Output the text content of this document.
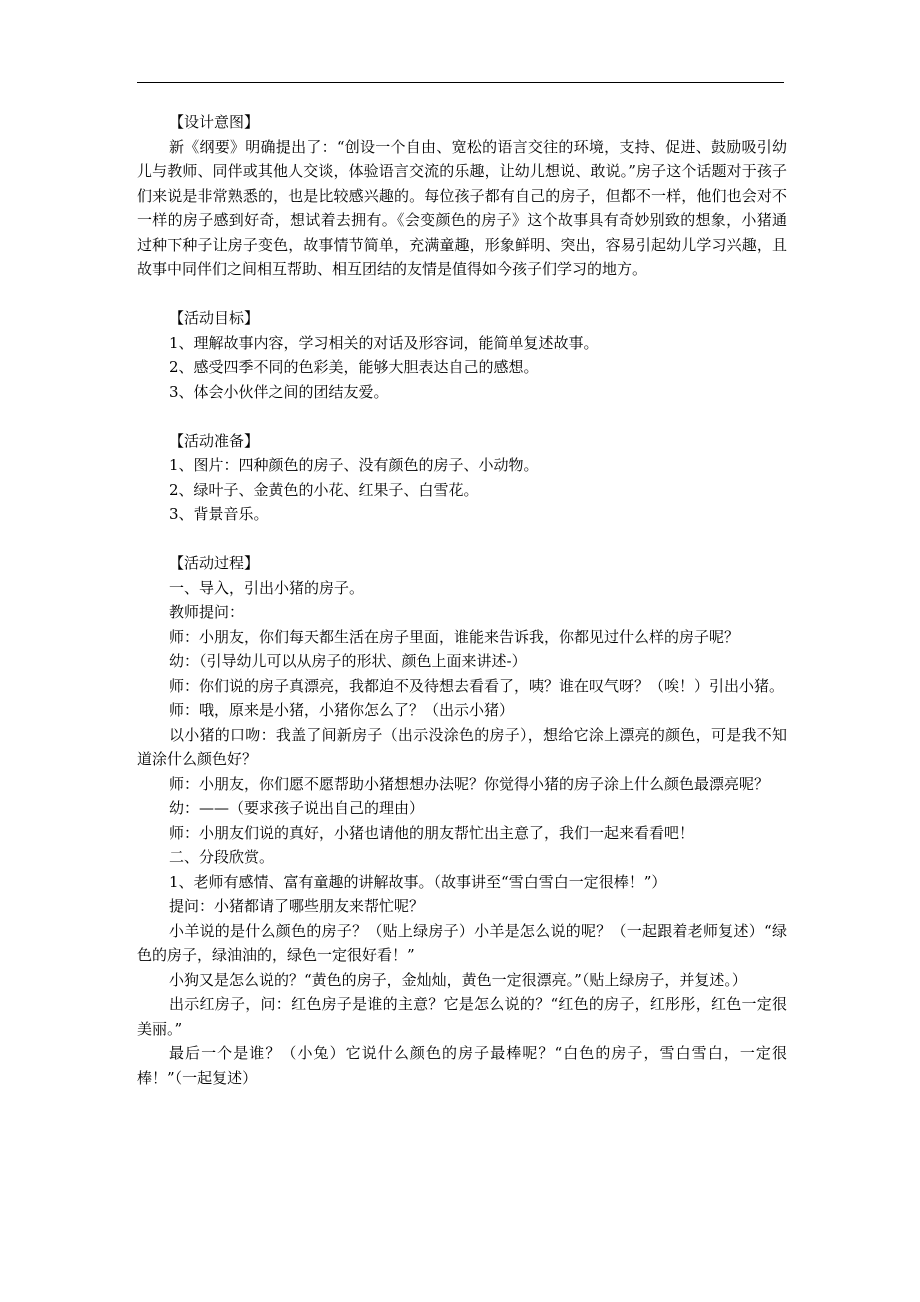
【设计意图】

新《纲要》明确提出了：“创设一个自由、宽松的语言交往的环境，支持、促进、鼓励吸引幼儿与教师、同伴或其他人交谈，体验语言交流的乐趣，让幼儿想说、敢说。”房子这个话题对于孩子们来说是非常熟悉的，也是比较感兴趣的。每位孩子都有自己的房子，但都不一样，他们也会对不一样的房子感到好奇，想试着去拥有。《会变颜色的房子》这个故事具有奇妙别致的想象，小猪通过种下种子让房子变色，故事情节简单，充满童趣，形象鲜明、突出，容易引起幼儿学习兴趣，且故事中同伴们之间相互帮助、相互团结的友情是值得如今孩子们学习的地方。

【活动目标】

1、理解故事内容，学习相关的对话及形容词，能简单复述故事。

2、感受四季不同的色彩美，能够大胆表达自己的感想。

3、体会小伙伴之间的团结友爱。

【活动准备】

1、图片：四种颜色的房子、没有颜色的房子、小动物。

2、绿叶子、金黄色的小花、红果子、白雪花。

3、背景音乐。

【活动过程】

一、导入，引出小猪的房子。

教师提问：

师：小朋友，你们每天都生活在房子里面，谁能来告诉我，你都见过什么样的房子呢？

幼：（引导幼儿可以从房子的形状、颜色上面来讲述-）

师：你们说的房子真漂亮，我都迫不及待想去看看了，咦？谁在叹气呀？（唉！）引出小猪。

师：哦，原来是小猪，小猪你怎么了？（出示小猪）

以小猪的口吻：我盖了间新房子（出示没涂色的房子），想给它涂上漂亮的颜色，可是我不知道涂什么颜色好？

师：小朋友，你们愿不愿帮助小猪想想办法呢？你觉得小猪的房子涂上什么颜色最漂亮呢？

幼：——（要求孩子说出自己的理由）

师：小朋友们说的真好，小猪也请他的朋友帮忙出主意了，我们一起来看看吧！

二、分段欣赏。

1、老师有感情、富有童趣的讲解故事。（故事讲至“雪白雪白一定很棒！”）

提问：小猪都请了哪些朋友来帮忙呢？

小羊说的是什么颜色的房子？（贴上绿房子）小羊是怎么说的呢？（一起跟着老师复述）“绿色的房子，绿油油的，绿色一定很好看！”

小狗又是怎么说的？“黄色的房子，金灿灿，黄色一定很漂亮。”（贴上绿房子，并复述。）

出示红房子，问：红色房子是谁的主意？它是怎么说的？“红色的房子，红彤彤，红色一定很美丽。”

最后一个是谁？（小兔）它说什么颜色的房子最棒呢？“白色的房子，雪白雪白，一定很棒！”（一起复述）
